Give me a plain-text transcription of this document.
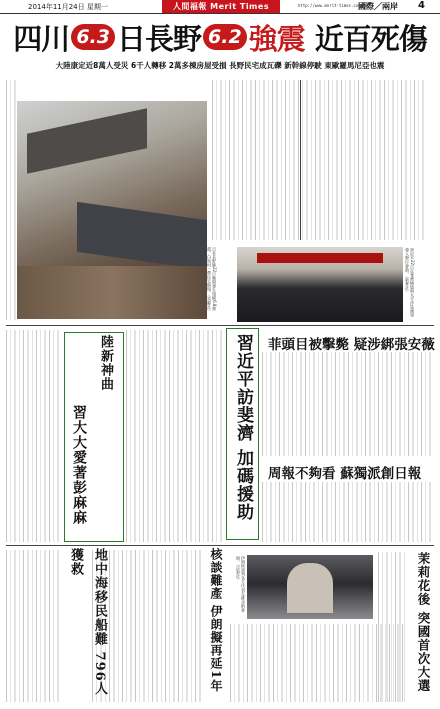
2014年11月24日 星期一	人間福報 Merit Times	http://www.merit-times.com.tw
國際／兩岸	4
四川 6.3 日長野 6.2 強震 近百死傷
大陸康定近8萬人受災 6千人轉移 2萬多棟房屋受損 長野民宅成瓦礫 新幹線停駛 東歐羅馬尼亞也震
日本長野縣22日晚間發生規模6.8強震，白馬村一帶民宅倒塌。（美聯社）	習近平22日在斐濟楠迪與太平洋島國領導人舉行會晤。（新華社）
陸新神曲
習大大愛著彭麻麻	習近平訪斐濟 加碼援助 菲頭目被擊斃 疑涉綁張安薇
周報不夠看 蘇獨派創日報
地中海移民船難 796人獲救	核談難產 伊朗擬再延1年	伊朗核談判各方代表在維也納會面。（法新社）	茉莉花後 突國首次大選
